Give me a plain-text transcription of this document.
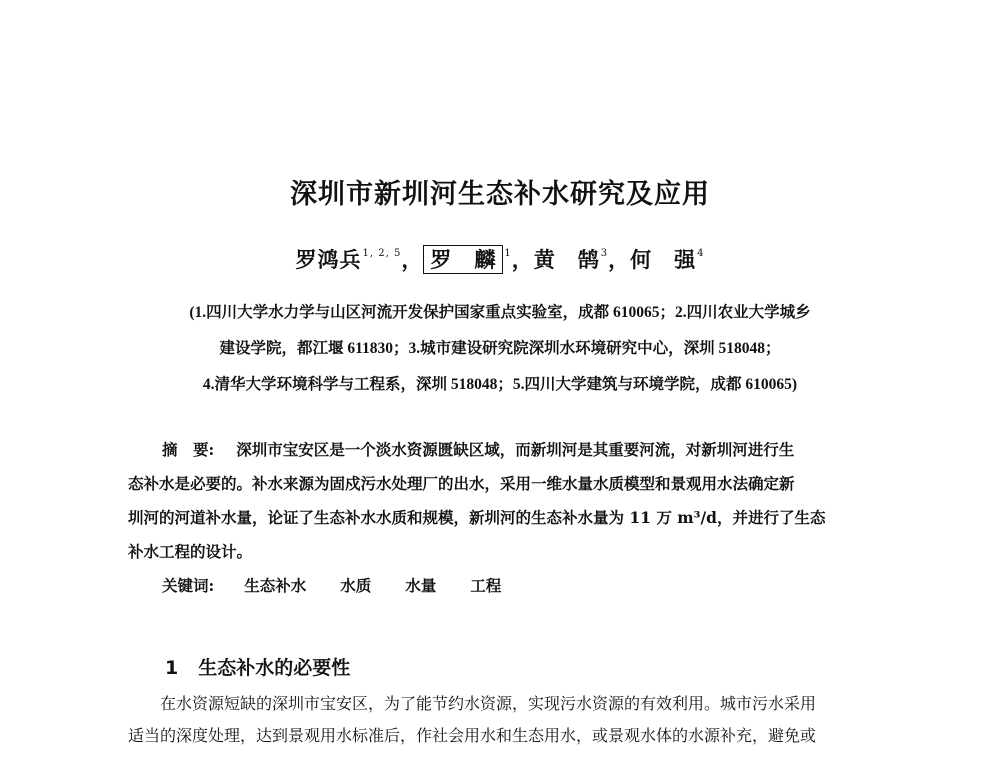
深圳市新圳河生态补水研究及应用
罗鸿兵$^{1, 2, 5}$， 罗　麟 $^1$，黄　鹄$^3$，何　强$^4$
(1.四川大学水力学与山区河流开发保护国家重点实验室，成都 610065；2.四川农业大学城乡
建设学院，都江堰 611830；3.城市建设研究院深圳水环境研究中心，深圳 518048；
4.清华大学环境科学与工程系，深圳 518048；5.四川大学建筑与环境学院，成都 610065)
摘　要: 深圳市宝安区是一个淡水资源匮缺区域，而新圳河是其重要河流，对新圳河进行生
态补水是必要的。补水来源为固戍污水处理厂的出水，采用一维水量水质模型和景观用水法确定新
圳河的河道补水量，论证了生态补水水质和规模，新圳河的生态补水量为 11 万 m³/d，并进行了生态
补水工程的设计。
关键词: 生态补水 水质 水量 工程
1 生态补水的必要性
在水资源短缺的深圳市宝安区，为了能节约水资源，实现污水资源的有效利用。城市污水采用
适当的深度处理，达到景观用水标准后，作社会用水和生态用水，或景观水体的水源补充，避免或
